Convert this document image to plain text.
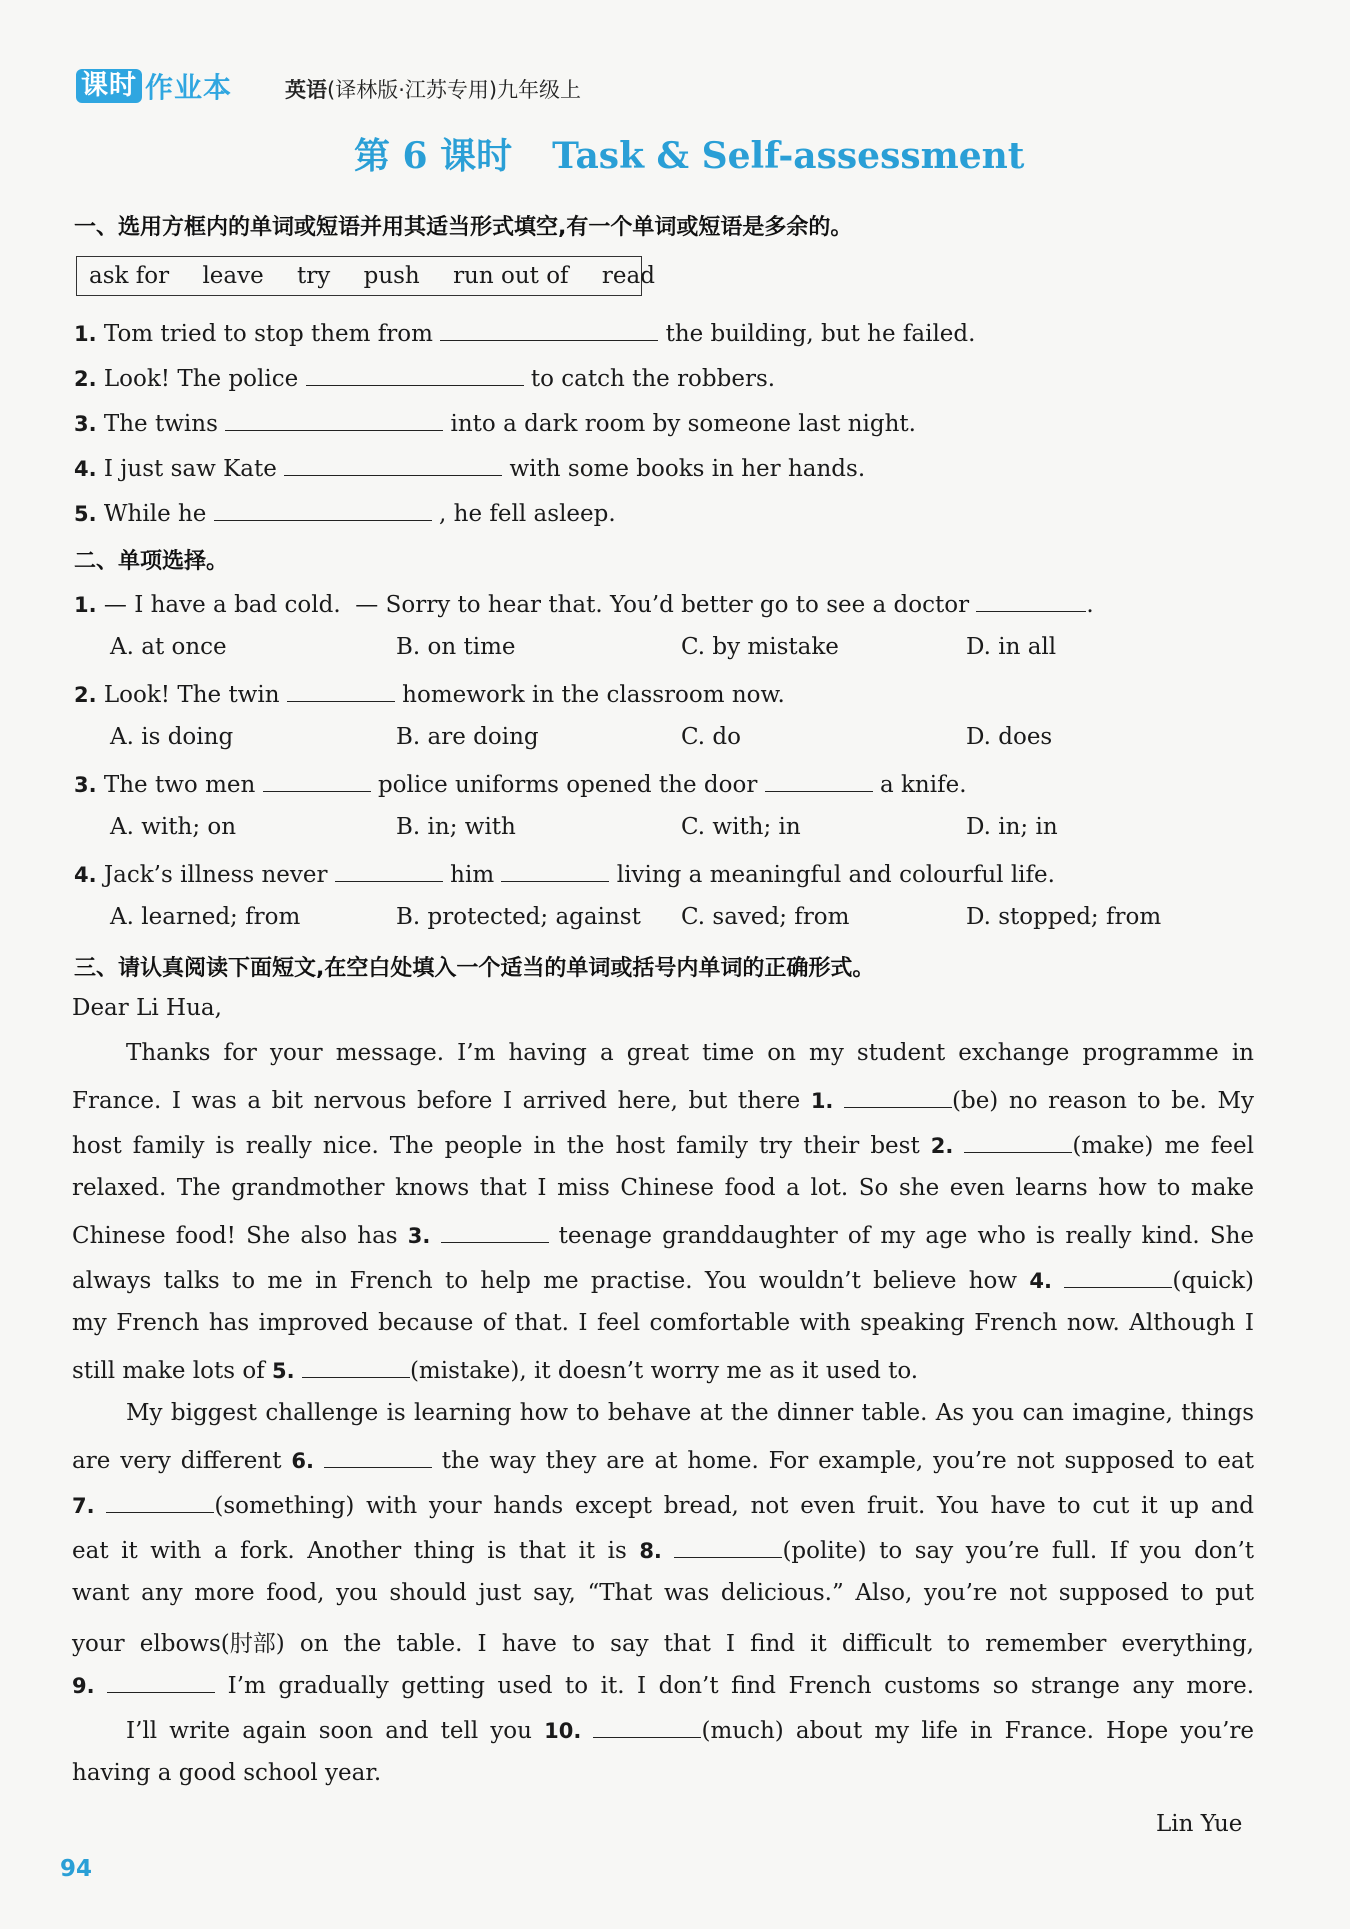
课时 作业本	英语(译林版·江苏专用)九年级上
第 6 课时 Task & Self-assessment
一、选用方框内的单词或短语并用其适当形式填空,有一个单词或短语是多余的。
ask for leave try push run out of read
1. Tom tried to stop them from	the building, but he failed.
2. Look! The police	to catch the robbers.
3. The twins	into a dark room by someone last night.
4. I just saw Kate	with some books in her hands.
5. While he	, he fell asleep.
二、单项选择。
1. — I have a bad cold. — Sorry to hear that. You’d better go to see a doctor	.
A. at once	B. on time	C. by mistake	D. in all
2. Look! The twin	homework in the classroom now.
A. is doing	B. are doing	C. do	D. does
3. The two men	police uniforms opened the door	a knife.
A. with; on	B. in; with	C. with; in	D. in; in
4. Jack’s illness never	him	living a meaningful and colourful life.
A. learned; from	B. protected; against C. saved; from	D. stopped; from
三、请认真阅读下面短文,在空白处填入一个适当的单词或括号内单词的正确形式。
Dear Li Hua,
Thanks for your message. I’m having a great time on my student exchange programme in
France. I was a bit nervous before I arrived here, but there 1.	(be) no reason to be. My
host family is really nice. The people in the host family try their best 2.	(make) me feel
relaxed. The grandmother knows that I miss Chinese food a lot. So she even learns how to make
Chinese food! She also has 3.	teenage granddaughter of my age who is really kind. She
always talks to me in French to help me practise. You wouldn’t believe how 4.	(quick)
my French has improved because of that. I feel comfortable with speaking French now. Although I
still make lots of 5.	(mistake), it doesn’t worry me as it used to.
My biggest challenge is learning how to behave at the dinner table. As you can imagine, things
are very different 6.	the way they are at home. For example, you’re not supposed to eat
7.	(something) with your hands except bread, not even fruit. You have to cut it up and
eat it with a fork. Another thing is that it is 8.	(polite) to say you’re full. If you don’t
want any more food, you should just say, “That was delicious.” Also, you’re not supposed to put
your elbows(肘部) on the table. I have to say that I find it difficult to remember everything,
9.	I’m gradually getting used to it. I don’t find French customs so strange any more.
I’ll write again soon and tell you 10.	(much) about my life in France. Hope you’re
having a good school year.
Lin Yue
94
